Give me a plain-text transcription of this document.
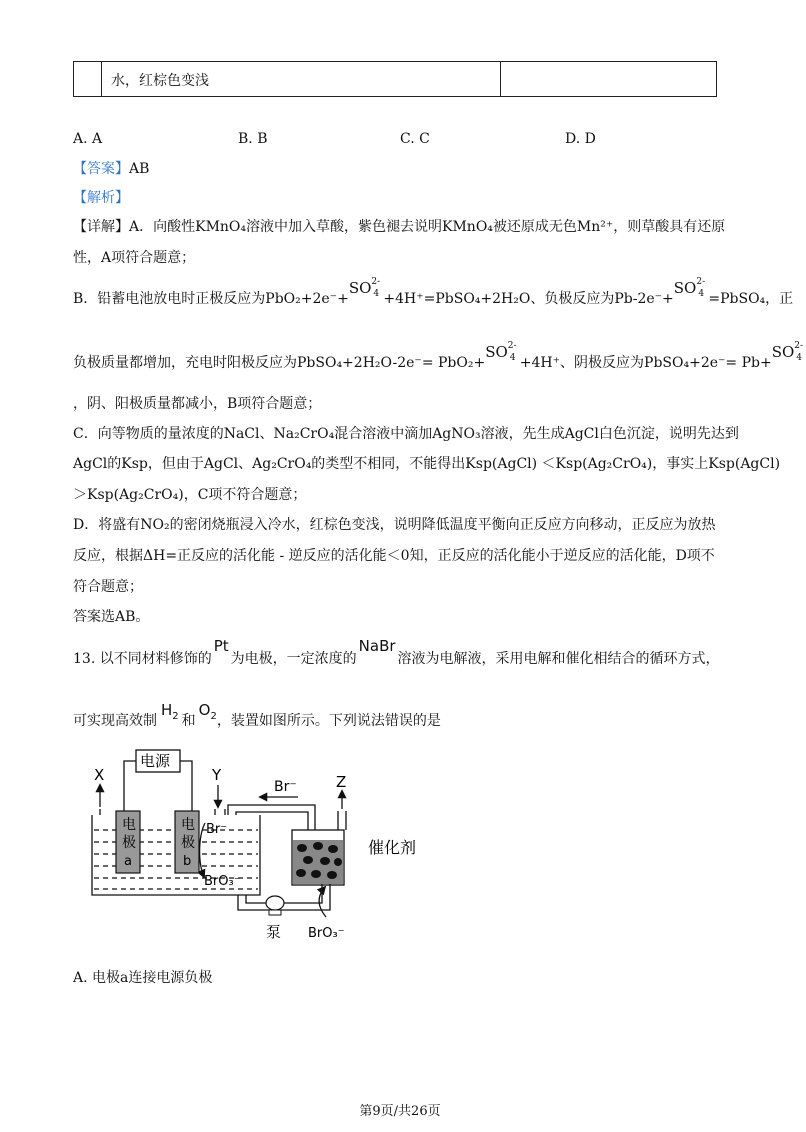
水，红棕色变浅
A. A	B. B	C. C	D. D
【答案】AB
【解析】
【详解】A．向酸性KMnO₄溶液中加入草酸，紫色褪去说明KMnO₄被还原成无色Mn²⁺，则草酸具有还原
性，A项符合题意；
B．铅蓄电池放电时正极反应为PbO₂+2e⁻+SO 2-
4 +4H⁺=PbSO₄+2H₂O、负极反应为Pb-2e⁻+SO 2-
4 =PbSO₄，正
负极质量都增加，充电时阳极反应为PbSO₄+2H₂O-2e⁻= PbO₂+SO 2-
4 +4H⁺、阴极反应为PbSO₄+2e⁻= Pb+SO 2-
4
，阴、阳极质量都减小，B项符合题意；
C．向等物质的量浓度的NaCl、Na₂CrO₄混合溶液中滴加AgNO₃溶液，先生成AgCl白色沉淀，说明先达到
AgCl的Ksp，但由于AgCl、Ag₂CrO₄的类型不相同，不能得出Ksp(AgCl) ＜Ksp(Ag₂CrO₄)，事实上Ksp(AgCl)
＞Ksp(Ag₂CrO₄)，C项不符合题意；
D．将盛有NO₂的密闭烧瓶浸入冷水，红棕色变浅，说明降低温度平衡向正反应方向移动，正反应为放热
反应，根据ΔH=正反应的活化能 - 逆反应的活化能＜0知，正反应的活化能小于逆反应的活化能，D项不
符合题意；
答案选AB。
13. 以不同材料修饰的Pt为电极，一定浓度的NaBr溶液为电解液，采用电解和催化相结合的循环方式，
可实现高效制$H^2$ 和$O^2$，装置如图所示。下列说法错误的是
电源
X	Y	Z
Br⁻
Br⁻
电
极
a
电
极
b
BrO₃⁻
泵 BrO₃⁻
催化剂
A. 电极a连接电源负极
第9页/共26页
